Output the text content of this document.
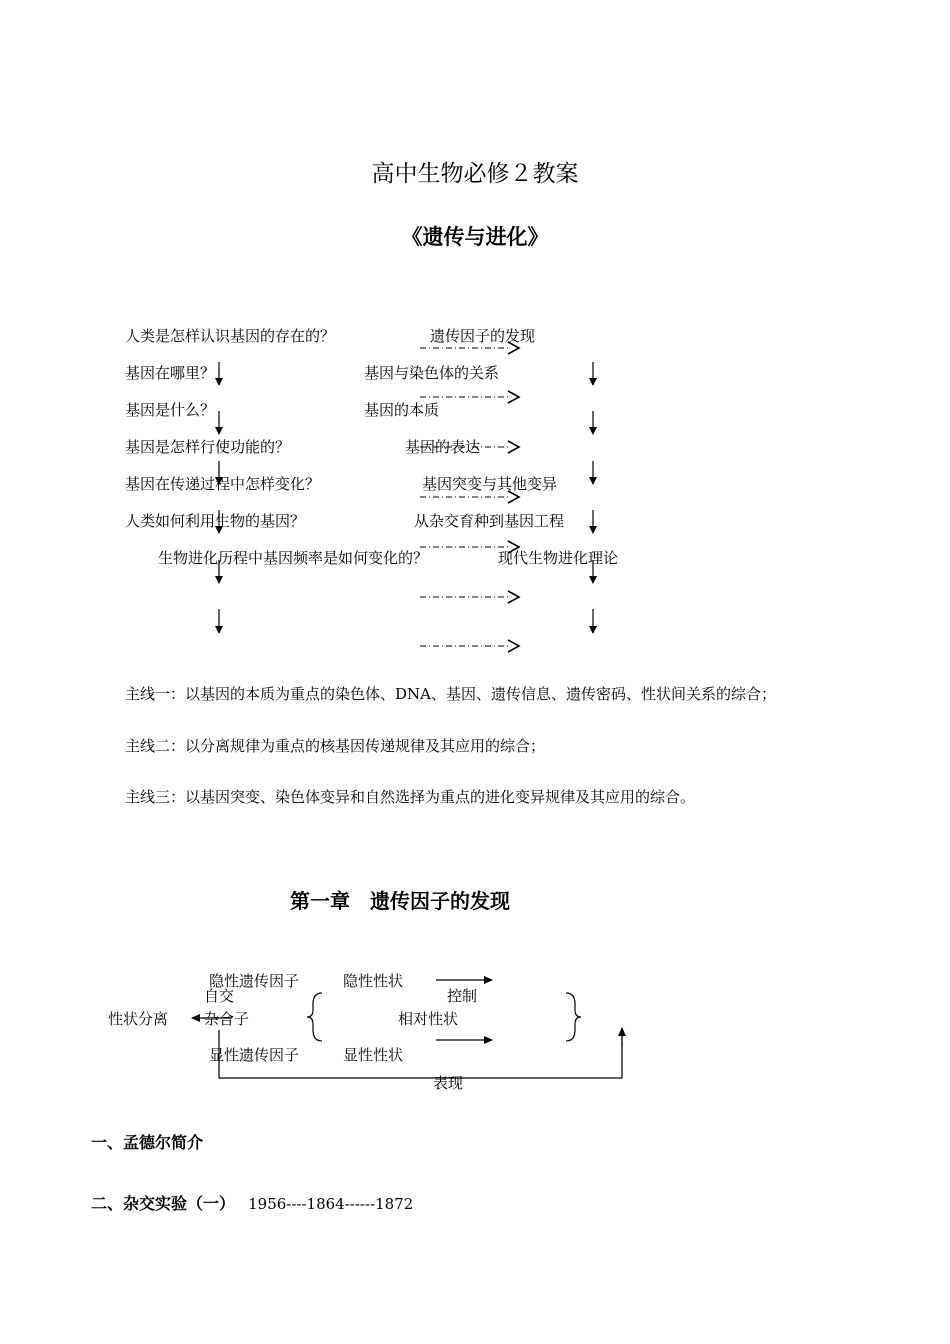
高中生物必修２教案
《遗传与进化》
人类是怎样认识基因的存在的？
基因在哪里？
基因是什么？
基因是怎样行使功能的？
基因在传递过程中怎样变化？
人类如何利用生物的基因？
生物进化历程中基因频率是如何变化的？
遗传因子的发现
基因与染色体的关系
基因的本质
基因的表达
基因突变与其他变异
从杂交育种到基因工程
现代生物进化理论
主线一：以基因的本质为重点的染色体、DNA、基因、遗传信息、遗传密码、性状间关系的综合；
主线二：以分离规律为重点的核基因传递规律及其应用的综合；
主线三：以基因突变、染色体变异和自然选择为重点的进化变异规律及其应用的综合。
第一章　遗传因子的发现
隐性遗传因子	隐性性状
控制
自交
性状分离 杂合子	相对性状
显性遗传因子	显性性状
表现
一、孟德尔简介
二、杂交实验（一） 1956----1864------1872
